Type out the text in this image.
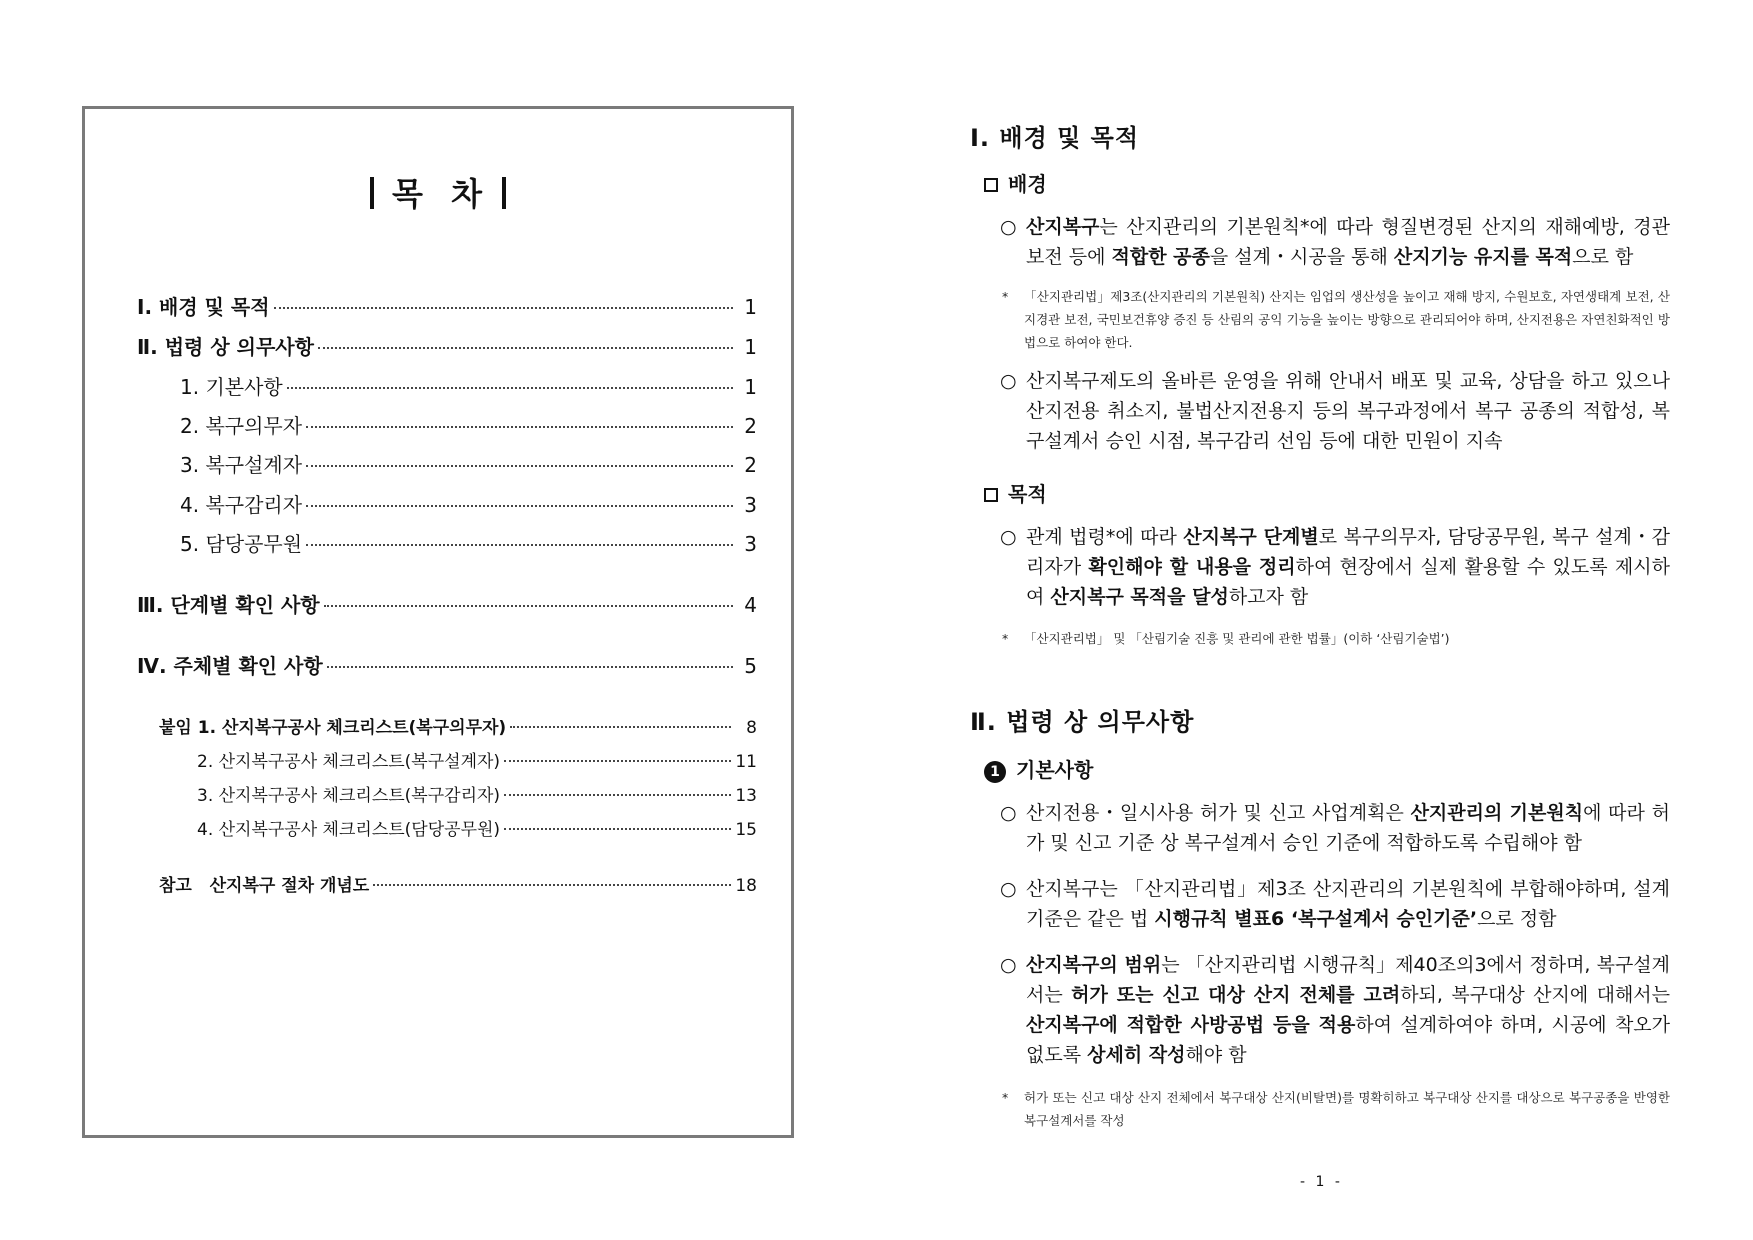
목  차
Ⅰ. 배경 및 목적	1
Ⅱ. 법령 상 의무사항	1
1. 기본사항	1
2. 복구의무자	2
3. 복구설계자	2
4. 복구감리자	3
5. 담당공무원	3
Ⅲ. 단계별 확인 사항	4
Ⅳ. 주체별 확인 사항	5
붙임 1. 산지복구공사 체크리스트(복구의무자)	8
2. 산지복구공사 체크리스트(복구설계자)	11
3. 산지복구공사 체크리스트(복구감리자)	13
4. 산지복구공사 체크리스트(담당공무원)	15
참고   산지복구 절차 개념도	18
Ⅰ. 배경 및 목적
배경
○ 산지복구는 산지관리의 기본원칙*에 따라 형질변경된 산지의 재해예방, 경관 보전 등에 적합한 공종을 설계・시공을 통해 산지기능 유지를 목적으로 함
* 「산지관리법」제3조(산지관리의 기본원칙) 산지는 임업의 생산성을 높이고 재해 방지, 수원보호, 자연생태계 보전, 산지경관 보전, 국민보건휴양 증진 등 산림의 공익 기능을 높이는 방향으로 관리되어야 하며, 산지전용은 자연친화적인 방법으로 하여야 한다.
○ 산지복구제도의 올바른 운영을 위해 안내서 배포 및 교육, 상담을 하고 있으나 산지전용 취소지, 불법산지전용지 등의 복구과정에서 복구 공종의 적합성, 복구설계서 승인 시점, 복구감리 선임 등에 대한 민원이 지속
목적
○ 관계 법령*에 따라 산지복구 단계별로 복구의무자, 담당공무원, 복구 설계・감리자가 확인해야 할 내용을 정리하여 현장에서 실제 활용할 수 있도록 제시하여 산지복구 목적을 달성하고자 함
* 「산지관리법」 및 「산림기술 진흥 및 관리에 관한 법률」(이하 ‘산림기술법’)
Ⅱ. 법령 상 의무사항
1 기본사항
○ 산지전용・일시사용 허가 및 신고 사업계획은 산지관리의 기본원칙에 따라 허가 및 신고 기준 상 복구설계서 승인 기준에 적합하도록 수립해야 함
○ 산지복구는 「산지관리법」제3조 산지관리의 기본원칙에 부합해야하며, 설계기준은 같은 법 시행규칙 별표6 ‘복구설계서 승인기준’으로 정함
○ 산지복구의 범위는 「산지관리법 시행규칙」제40조의3에서 정하며, 복구설계서는 허가 또는 신고 대상 산지 전체를 고려하되, 복구대상 산지에 대해서는 산지복구에 적합한 사방공법 등을 적용하여 설계하여야 하며, 시공에 착오가 없도록 상세히 작성해야 함
* 허가 또는 신고 대상 산지 전체에서 복구대상 산지(비탈면)를 명확히하고 복구대상 산지를 대상으로 복구공종을 반영한 복구설계서를 작성
- 1 -
